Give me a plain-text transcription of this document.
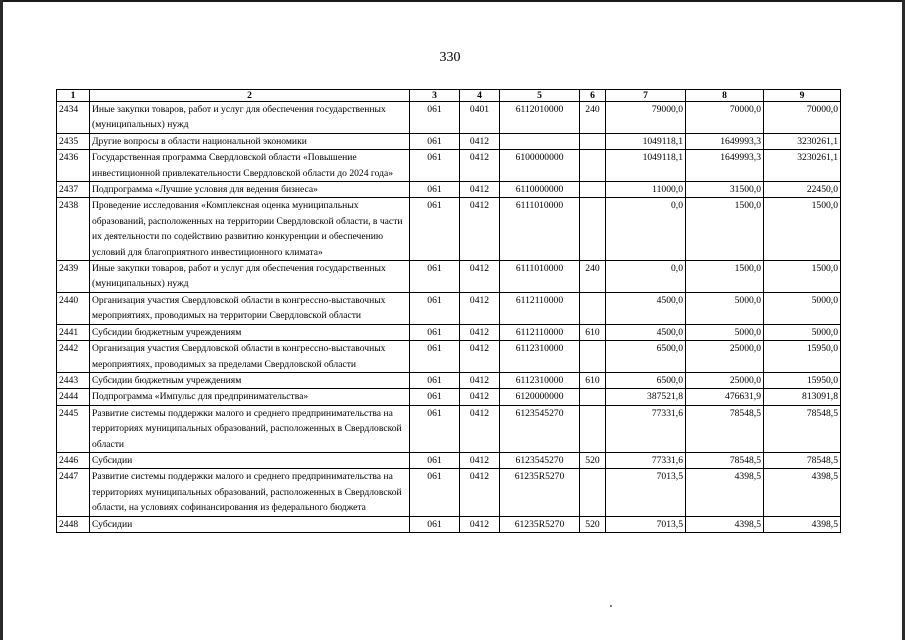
330
1	2	3	4	5	6	7	8	9
2434	Иные закупки товаров, работ и услуг для обеспечения государственных (муниципальных) нужд	061	0401	6112010000	240	79000,0	70000,0	70000,0
2435	Другие вопросы в области национальной экономики	061	0412			1049118,1	1649993,3	3230261,1
2436	Государственная программа Свердловской области «Повышение инвестиционной привлекательности Свердловской области до 2024 года»	061	0412	6100000000		1049118,1	1649993,3	3230261,1
2437	Подпрограмма «Лучшие условия для ведения бизнеса»	061	0412	6110000000		11000,0	31500,0	22450,0
2438	Проведение исследования «Комплексная оценка муниципальных образований, расположенных на территории Свердловской области, в части их деятельности по содействию развитию конкуренции и обеспечению условий для благоприятного инвестиционного климата»	061	0412	6111010000		0,0	1500,0	1500,0
2439	Иные закупки товаров, работ и услуг для обеспечения государственных (муниципальных) нужд	061	0412	6111010000	240	0,0	1500,0	1500,0
2440	Организация участия Свердловской области в конгрессно-выставочных мероприятиях, проводимых на территории Свердловской области	061	0412	6112110000		4500,0	5000,0	5000,0
2441	Субсидии бюджетным учреждениям	061	0412	6112110000	610	4500,0	5000,0	5000,0
2442	Организация участия Свердловской области в конгрессно-выставочных мероприятиях, проводимых за пределами Свердловской области	061	0412	6112310000		6500,0	25000,0	15950,0
2443	Субсидии бюджетным учреждениям	061	0412	6112310000	610	6500,0	25000,0	15950,0
2444	Подпрограмма «Импульс для предпринимательства»	061	0412	6120000000		387521,8	476631,9	813091,8
2445	Развитие системы поддержки малого и среднего предпринимательства на территориях муниципальных образований, расположенных в Свердловской области	061	0412	6123545270		77331,6	78548,5	78548,5
2446	Субсидии	061	0412	6123545270	520	77331,6	78548,5	78548,5
2447	Развитие системы поддержки малого и среднего предпринимательства на территориях муниципальных образований, расположенных в Свердловской области, на условиях софинансирования из федерального бюджета	061	0412	61235R5270		7013,5	4398,5	4398,5
2448	Субсидии	061	0412	61235R5270	520	7013,5	4398,5	4398,5
